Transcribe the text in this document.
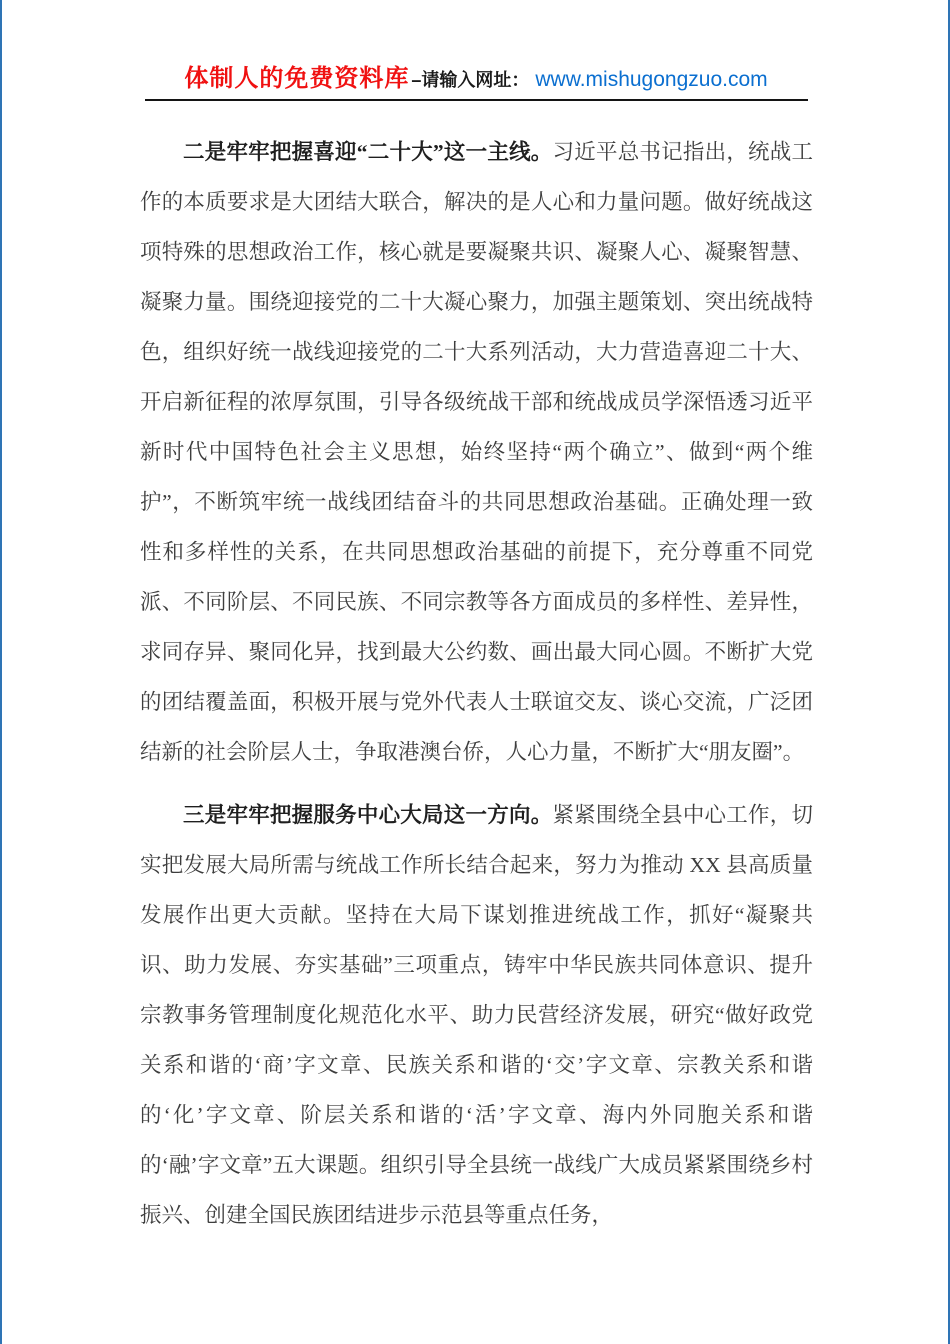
体制人的免费资料库 –请输入网址： www.mishugongzuo.com

二是牢牢把握喜迎“二十大”这一主线。习近平总书记指出，统战工作的本质要求是大团结大联合，解决的是人心和力量问题。做好统战这项特殊的思想政治工作，核心就是要凝聚共识、凝聚人心、凝聚智慧、凝聚力量。围绕迎接党的二十大凝心聚力，加强主题策划、突出统战特色，组织好统一战线迎接党的二十大系列活动，大力营造喜迎二十大、开启新征程的浓厚氛围，引导各级统战干部和统战成员学深悟透习近平新时代中国特色社会主义思想，始终坚持“两个确立”、做到“两个维护”，不断筑牢统一战线团结奋斗的共同思想政治基础。正确处理一致性和多样性的关系，在共同思想政治基础的前提下，充分尊重不同党派、不同阶层、不同民族、不同宗教等各方面成员的多样性、差异性，求同存异、聚同化异，找到最大公约数、画出最大同心圆。不断扩大党的团结覆盖面，积极开展与党外代表人士联谊交友、谈心交流，广泛团结新的社会阶层人士，争取港澳台侨，人心力量，不断扩大“朋友圈”。

三是牢牢把握服务中心大局这一方向。紧紧围绕全县中心工作，切实把发展大局所需与统战工作所长结合起来，努力为推动 XX 县高质量发展作出更大贡献。坚持在大局下谋划推进统战工作，抓好“凝聚共识、助力发展、夯实基础”三项重点，铸牢中华民族共同体意识、提升宗教事务管理制度化规范化水平、助力民营经济发展，研究“做好政党关系和谐的‘商’字文章、民族关系和谐的‘交’字文章、宗教关系和谐的‘化’字文章、阶层关系和谐的‘活’字文章、海内外同胞关系和谐的‘融’字文章”五大课题。组织引导全县统一战线广大成员紧紧围绕乡村振兴、创建全国民族团结进步示范县等重点任务，
